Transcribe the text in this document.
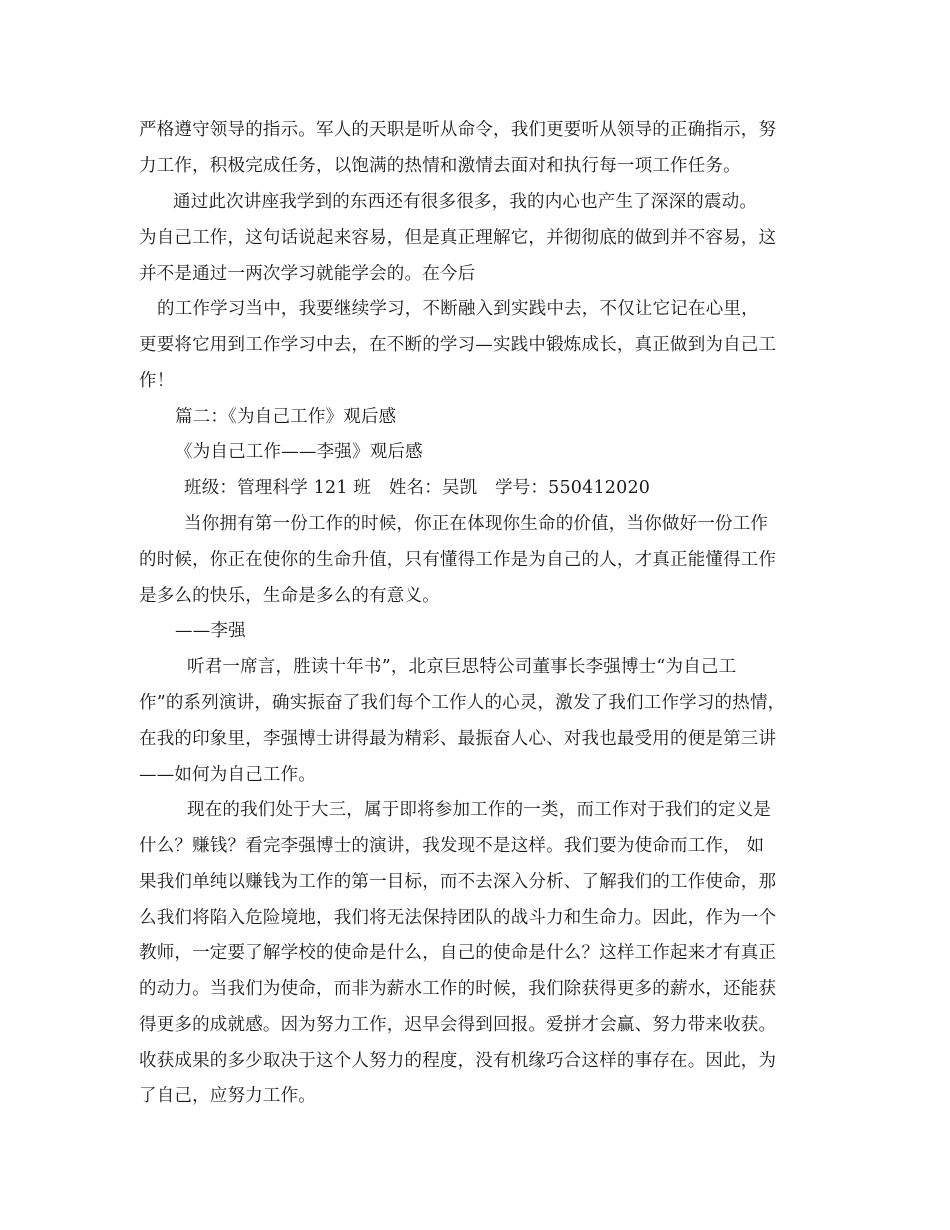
严格遵守领导的指示。军人的天职是听从命令，我们更要听从领导的正确指示，努
力工作，积极完成任务，以饱满的热情和激情去面对和执行每一项工作任务。
通过此次讲座我学到的东西还有很多很多，我的内心也产生了深深的震动。
为自己工作，这句话说起来容易，但是真正理解它，并彻彻底的做到并不容易，这
并不是通过一两次学习就能学会的。在今后
的工作学习当中，我要继续学习，不断融入到实践中去，不仅让它记在心里，
更要将它用到工作学习中去，在不断的学习—实践中锻炼成长，真正做到为自己工
作！
篇二：《为自己工作》观后感
《为自己工作——李强》观后感
班级：管理科学 121 班　姓名：吴凯　学号：550412020
当你拥有第一份工作的时候，你正在体现你生命的价值，当你做好一份工作
的时候，你正在使你的生命升值，只有懂得工作是为自己的人，才真正能懂得工作
是多么的快乐，生命是多么的有意义。
——李强
听君一席言，胜读十年书”，北京巨思特公司董事长李强博士“为自己工
作”的系列演讲，确实振奋了我们每个工作人的心灵，激发了我们工作学习的热情，
在我的印象里，李强博士讲得最为精彩、最振奋人心、对我也最受用的便是第三讲
——如何为自己工作。
现在的我们处于大三，属于即将参加工作的一类，而工作对于我们的定义是
什么？赚钱？看完李强博士的演讲，我发现不是这样。我们要为使命而工作， 如
果我们单纯以赚钱为工作的第一目标，而不去深入分析、了解我们的工作使命，那
么我们将陷入危险境地，我们将无法保持团队的战斗力和生命力。因此，作为一个
教师，一定要了解学校的使命是什么，自己的使命是什么？这样工作起来才有真正
的动力。当我们为使命，而非为薪水工作的时候，我们除获得更多的薪水，还能获
得更多的成就感。因为努力工作，迟早会得到回报。爱拼才会赢、努力带来收获。
收获成果的多少取决于这个人努力的程度，没有机缘巧合这样的事存在。因此，为
了自己，应努力工作。
